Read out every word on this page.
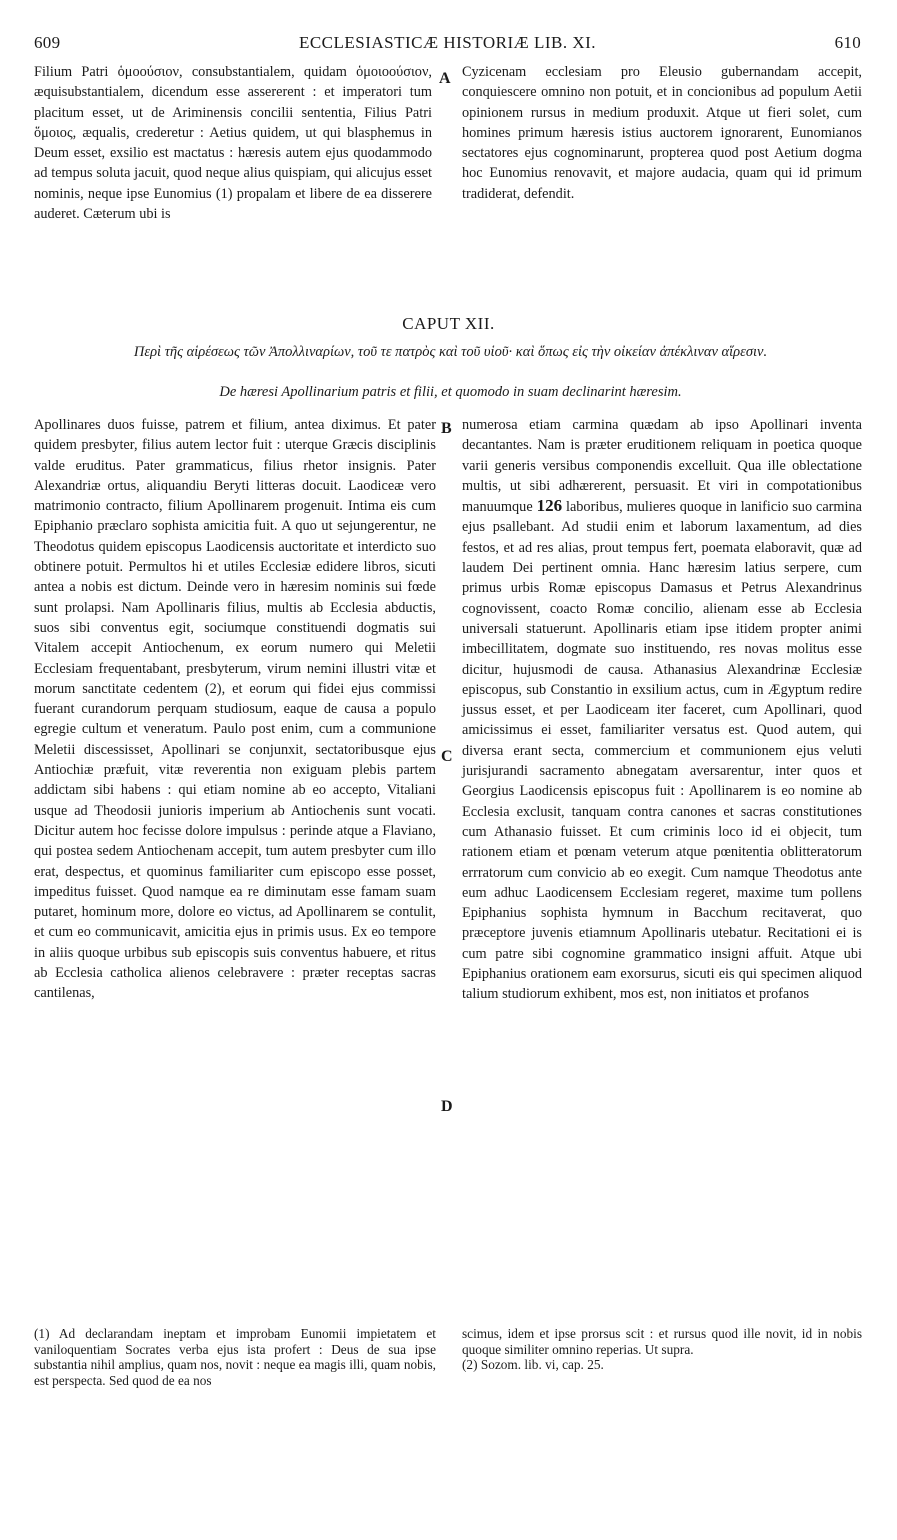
609	ECCLESIASTICÆ HISTORIÆ LIB. XI.	610

Filium Patri ὁμοούσιον, consubstantialem, quidam ὁμοιοούσιον, æquisubstantialem, dicendum esse assererent : et imperatori tum placitum esset, ut de Ariminensis concilii sententia, Filius Patri ὅμοιος, æqualis, crederetur : Aetius quidem, ut qui blasphemus in Deum esset, exsilio est mactatus : hæresis autem ejus quodammodo ad tempus soluta jacuit, quod neque alius quispiam, qui alicujus esset nominis, neque ipse Eunomius (1) propalam et libere de ea disserere auderet. Cæterum ubi is

A Cyzicenam ecclesiam pro Eleusio gubernandam accepit, conquiescere omnino non potuit, et in concionibus ad populum Aetii opinionem rursus in medium produxit. Atque ut fieri solet, cum homines primum hæresis istius auctorem ignorarent, Eunomianos sectatores ejus cognominarunt, propterea quod post Aetium dogma hoc Eunomius renovavit, et majore audacia, quam qui id primum tradiderat, defendit.

CAPUT XII.
Περὶ τῆς αἱρέσεως τῶν Ἀπολλιναρίων, τοῦ τε πατρὸς καὶ τοῦ υἱοῦ· καὶ ὅπως εἰς τὴν οἰκείαν ἀπέκλιναν αἵρεσιν.
De hæresi Apollinarium patris et filii, et quomodo in suam declinarint hæresim.

Apollinares duos fuisse, patrem et filium, antea diximus. Et pater quidem presbyter, filius autem lector fuit : uterque Græcis disciplinis valde eruditus. Pater grammaticus, filius rhetor insignis. Pater Alexandriæ ortus, aliquandiu Beryti litteras docuit. Laodiceæ vero matrimonio contracto, filium Apollinarem progenuit. Intima eis cum Epiphanio præclaro sophista amicitia fuit. A quo ut sejungerentur, ne Theodotus quidem episcopus Laodicensis auctoritate et interdicto suo obtinere potuit. Permultos hi et utiles Ecclesiæ edidere libros, sicuti antea a nobis est dictum. Deinde vero in hæresim nominis sui fœde sunt prolapsi. Nam Apollinaris filius, multis ab Ecclesia abductis, suos sibi conventus egit, sociumque constituendi dogmatis sui Vitalem accepit Antiochenum, ex eorum numero qui Meletii Ecclesiam frequentabant, presbyterum, virum nemini illustri vitæ et morum sanctitate cedentem (2), et eorum qui fidei ejus commissi fuerant curandorum perquam studiosum, eaque de causa a populo egregie cultum et veneratum. Paulo post enim, cum a communione Meletii discessisset, Apollinari se conjunxit, sectatoribusque ejus Antiochiæ præfuit, vitæ reverentia non exiguam plebis partem addictam sibi habens : qui etiam nomine ab eo accepto, Vitaliani usque ad Theodosii junioris imperium ab Antiochenis sunt vocati. Dicitur autem hoc fecisse dolore impulsus : perinde atque a Flaviano, qui postea sedem Antiochenam accepit, tum autem presbyter cum illo erat, despectus, et quominus familiariter cum episcopo esse posset, impeditus fuisset. Quod namque ea re diminutam esse famam suam putaret, hominum more, dolore eo victus, ad Apollinarem se contulit, et cum eo communicavit, amicitia ejus in primis usus. Ex eo tempore in aliis quoque urbibus sub episcopis suis conventus habuere, et ritus ab Ecclesia catholica alienos celebravere : præter receptas sacras cantilenas,

B
C
D

numerosa etiam carmina quædam ab ipso Apollinari inventa decantantes. Nam is præter eruditionem reliquam in poetica quoque varii generis versibus componendis excelluit. Qua ille oblectatione multis, ut sibi adhærerent, persuasit. Et viri in compotationibus manuumque 126 laboribus, mulieres quoque in lanificio suo carmina ejus psallebant. Ad studii enim et laborum laxamentum, ad dies festos, et ad res alias, prout tempus fert, poemata elaboravit, quæ ad laudem Dei pertinent omnia. Hanc hæresim latius serpere, cum primus urbis Romæ episcopus Damasus et Petrus Alexandrinus cognovissent, coacto Romæ concilio, alienam esse ab Ecclesia universali statuerunt. Apollinaris etiam ipse itidem propter animi imbecillitatem, dogmate suo instituendo, res novas molitus esse dicitur, hujusmodi de causa. Athanasius Alexandrinæ Ecclesiæ episcopus, sub Constantio in exsilium actus, cum in Ægyptum redire jussus esset, et per Laodiceam iter faceret, cum Apollinari, quod amicissimus ei esset, familiariter versatus est. Quod autem, qui diversa erant secta, commercium et communionem ejus veluti jurisjurandi sacramento abnegatam aversarentur, inter quos et Georgius Laodicensis episcopus fuit : Apollinarem is eo nomine ab Ecclesia exclusit, tanquam contra canones et sacras constitutiones cum Athanasio fuisset. Et cum criminis loco id ei objecit, tum rationem etiam et pœnam veterum atque pœnitentia oblitteratorum errratorum cum convicio ab eo exegit. Cum namque Theodotus ante eum adhuc Laodicensem Ecclesiam regeret, maxime tum pollens Epiphanius sophista hymnum in Bacchum recitaverat, quo præceptore juvenis etiamnum Apollinaris utebatur. Recitationi ei is cum patre sibi cognomine grammatico insigni affuit. Atque ubi Epiphanius orationem eam exorsurus, sicuti eis qui specimen aliquod talium studiorum exhibent, mos est, non initiatos et profanos

(1) Ad declarandam ineptam et improbam Eunomii impietatem et vaniloquentiam Socrates verba ejus ista profert : Deus de sua ipse substantia nihil amplius, quam nos, novit : neque ea magis illi, quam nobis, est perspecta. Sed quod de ea nos

scimus, idem et ipse prorsus scit : et rursus quod ille novit, id in nobis quoque similiter omnino reperias. Ut supra.

(2) Sozom. lib. vi, cap. 25.
